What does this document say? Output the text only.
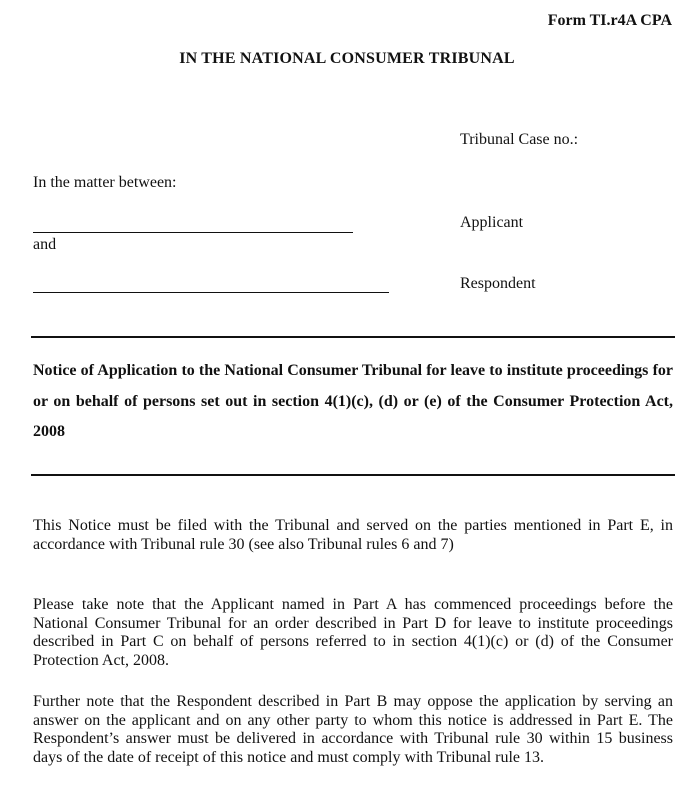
Form TI.r4A CPA
IN THE NATIONAL CONSUMER TRIBUNAL
Tribunal Case no.:
In the matter between:
Applicant
and
Respondent
Notice of Application to the National Consumer Tribunal for leave to institute proceedings for or on behalf of persons set out in section 4(1)(c), (d) or (e) of the Consumer Protection Act, 2008
This Notice must be filed with the Tribunal and served on the parties mentioned in Part E, in accordance with Tribunal rule 30 (see also Tribunal rules 6 and 7)
Please take note that the Applicant named in Part A has commenced proceedings before the National Consumer Tribunal for an order described in Part D for leave to institute proceedings described in Part C on behalf of persons referred to in section 4(1)(c) or (d) of the Consumer Protection Act, 2008.
Further note that the Respondent described in Part B may oppose the application by serving an answer on the applicant and on any other party to whom this notice is addressed in Part E. The Respondent’s answer must be delivered in accordance with Tribunal rule 30 within 15 business days of the date of receipt of this notice and must comply with Tribunal rule 13.
